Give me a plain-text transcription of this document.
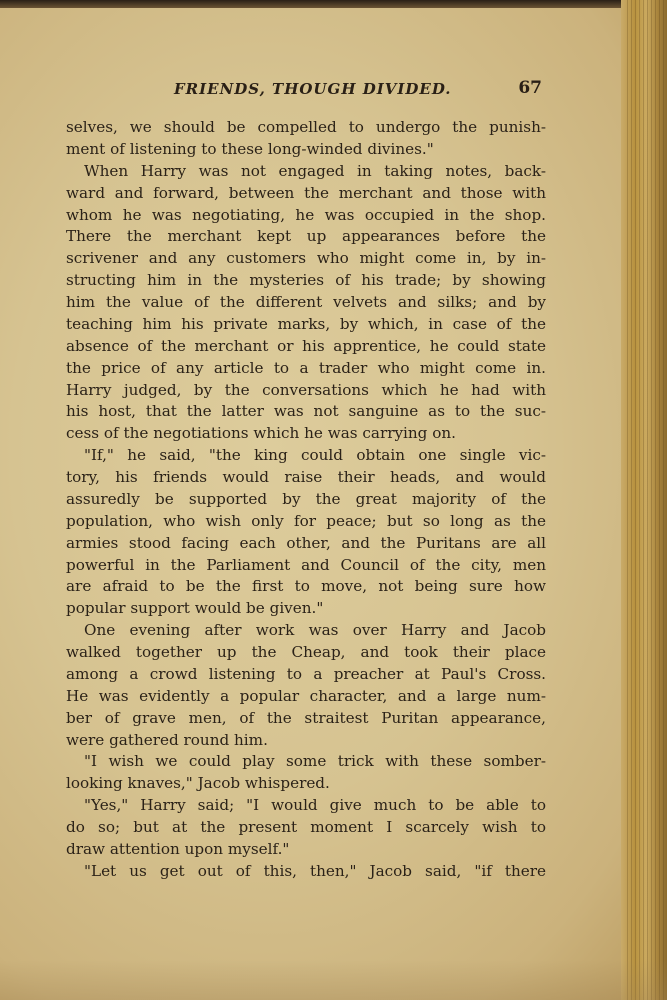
FRIENDS, THOUGH DIVIDED.	67
selves, we should be compelled to undergo the punish-
ment of listening to these long-winded divines."
When Harry was not engaged in taking notes, back-
ward and forward, between the merchant and those with
whom he was negotiating, he was occupied in the shop.
There the merchant kept up appearances before the
scrivener and any customers who might come in, by in-
structing him in the mysteries of his trade; by showing
him the value of the different velvets and silks; and by
teaching him his private marks, by which, in case of the
absence of the merchant or his apprentice, he could state
the price of any article to a trader who might come in.
Harry judged, by the conversations which he had with
his host, that the latter was not sanguine as to the suc-
cess of the negotiations which he was carrying on.
"If," he said, "the king could obtain one single vic-
tory, his friends would raise their heads, and would
assuredly be supported by the great majority of the
population, who wish only for peace; but so long as the
armies stood facing each other, and the Puritans are all
powerful in the Parliament and Council of the city, men
are afraid to be the first to move, not being sure how
popular support would be given."
One evening after work was over Harry and Jacob
walked together up the Cheap, and took their place
among a crowd listening to a preacher at Paul's Cross.
He was evidently a popular character, and a large num-
ber of grave men, of the straitest Puritan appearance,
were gathered round him.
"I wish we could play some trick with these somber-
looking knaves," Jacob whispered.
"Yes," Harry said; "I would give much to be able to
do so; but at the present moment I scarcely wish to
draw attention upon myself."
"Let us get out of this, then," Jacob said, "if there
